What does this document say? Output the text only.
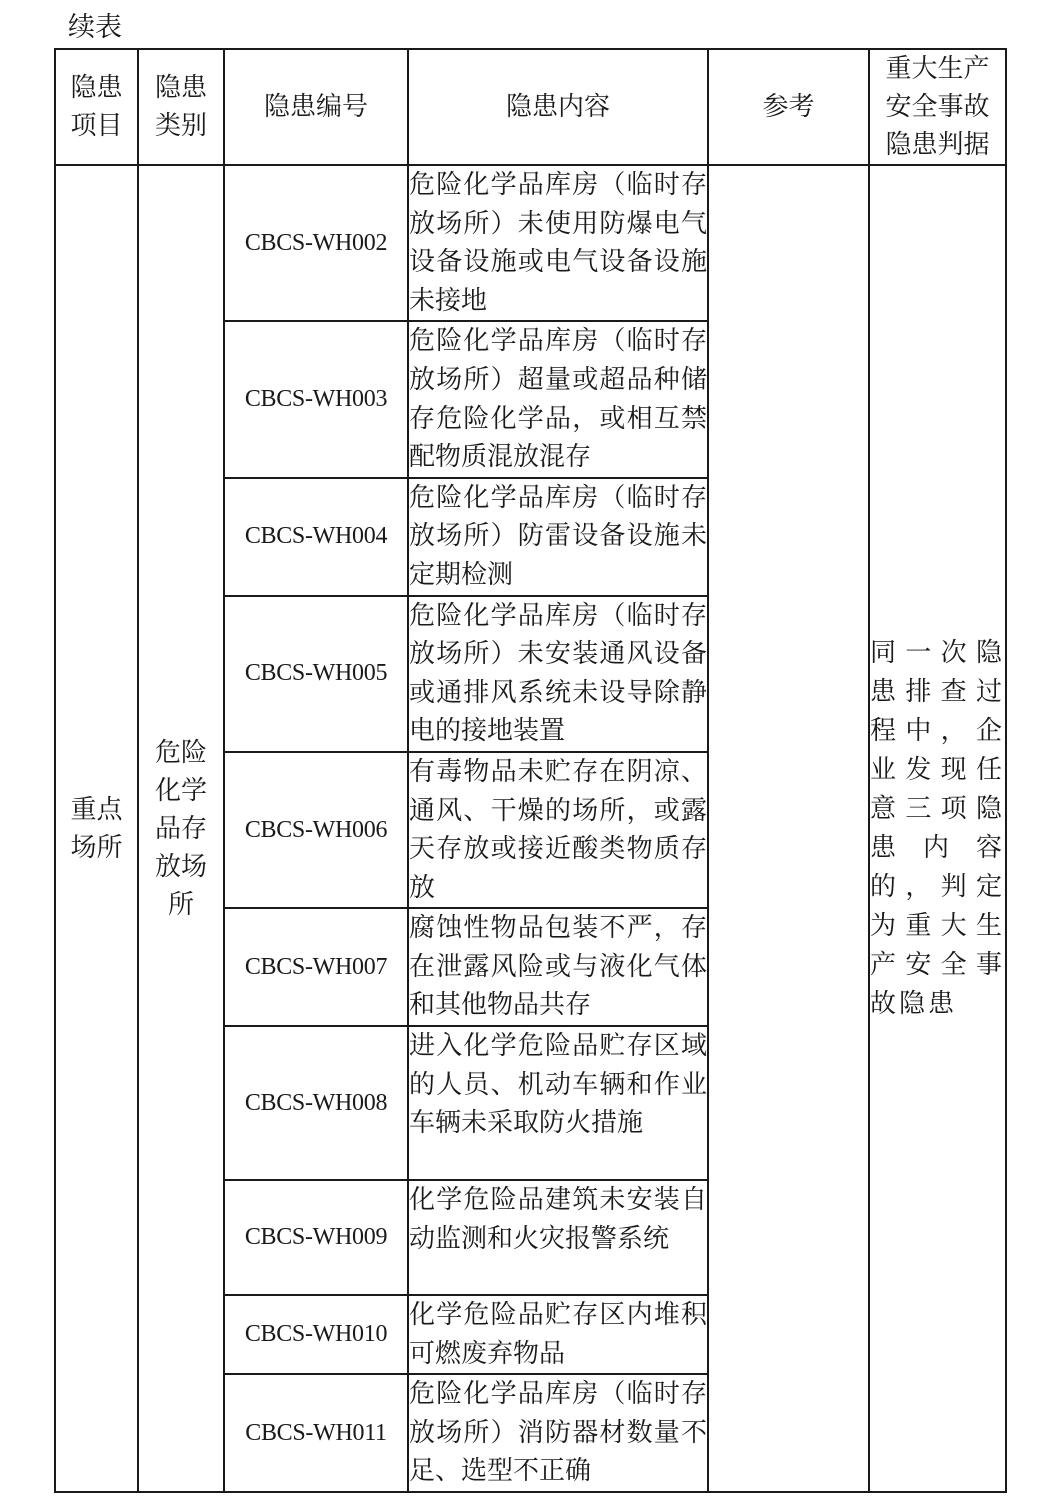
续表
隐患项目	隐患类别	隐患编号	隐患内容	参考	重大生产安全事故隐患判据

重点场所	危险化学品存放场所	CBCS-WH002	危险化学品库房（临时存放场所）未使用防爆电气设备设施或电气设备设施未接地		同一次隐患排查过程中，企业发现任意三项隐患内容的，判定为重大生产安全事故隐患
		CBCS-WH003	危险化学品库房（临时存放场所）超量或超品种储存危险化学品，或相互禁配物质混放混存		
		CBCS-WH004	危险化学品库房（临时存放场所）防雷设备设施未定期检测		
		CBCS-WH005	危险化学品库房（临时存放场所）未安装通风设备或通排风系统未设导除静电的接地装置		
		CBCS-WH006	有毒物品未贮存在阴凉、通风、干燥的场所，或露天存放或接近酸类物质存放		
		CBCS-WH007	腐蚀性物品包装不严，存在泄露风险或与液化气体和其他物品共存		
		CBCS-WH008	进入化学危险品贮存区域的人员、机动车辆和作业车辆未采取防火措施		
		CBCS-WH009	化学危险品建筑未安装自动监测和火灾报警系统		
		CBCS-WH010	化学危险品贮存区内堆积可燃废弃物品		
		CBCS-WH011	危险化学品库房（临时存放场所）消防器材数量不足、选型不正确		
